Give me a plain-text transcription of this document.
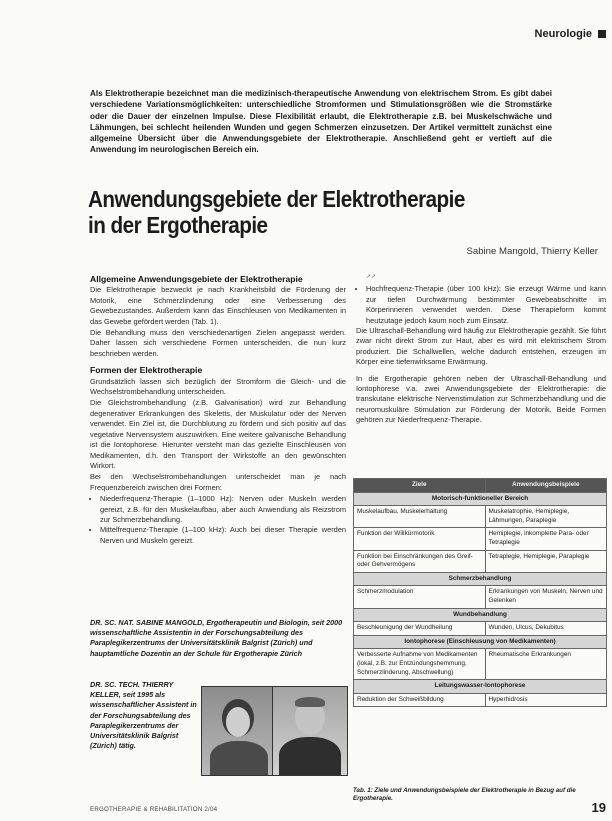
Neurologie
Als Elektrotherapie bezeichnet man die medizinisch-therapeutische Anwendung von elektrischem Strom. Es gibt dabei verschiedene Variationsmöglichkeiten: unterschiedliche Stromformen und Stimulationsgrößen wie die Stromstärke oder die Dauer der einzelnen Impulse. Diese Flexibilität erlaubt, die Elektrotherapie z.B. bei Muskelschwäche und Lähmungen, bei schlecht heilenden Wunden und gegen Schmerzen einzusetzen. Der Artikel vermittelt zunächst eine allgemeine Übersicht über die Anwendungsgebiete der Elektrotherapie. Anschließend geht er vertieft auf die Anwendung im neurologischen Bereich ein.
Anwendungsgebiete der Elektrotherapie
in der Ergotherapie
Sabine Mangold, Thierry Keller
Allgemeine Anwendungsgebiete der Elektrotherapie

Die Elektrotherapie bezweckt je nach Krankheitsbild die Förderung der Motorik, eine Schmerzlinderung oder eine Verbesserung des Gewebezustandes. Außerdem kann das Einschleusen von Medikamenten in das Gewebe gefördert werden (Tab. 1).

Die Behandlung muss den verschiedenartigen Zielen angepasst werden. Daher lassen sich verschiedene Formen unterscheiden, die nun kurz beschrieben werden.

Formen der Elektrotherapie

Grundsätzlich lassen sich bezüglich der Stromform die Gleich- und die Wechselstrombehandlung unterscheiden.

Die Gleichstrombehandlung (z.B. Galvanisation) wird zur Behandlung degenerativer Erkrankungen des Skeletts, der Muskulatur oder der Nerven verwendet. Ein Ziel ist, die Durchblutung zu fördern und sich positiv auf das vegetative Nervensystem auszuwirken. Eine weitere galvanische Behandlung ist die Iontophorese. Hierunter versteht man das gezielte Einschleusen von Medikamenten, d.h. den Transport der Wirkstoffe an den gewünschten Wirkort.

Bei den Wechselstrombehandlungen unterscheidet man je nach Frequenzbereich zwischen drei Formen:

• Niederfrequenz-Therapie (1–1000 Hz): Nerven oder Muskeln werden gereizt, z.B. für den Muskelaufbau, aber auch Anwendung als Reizstrom zur Schmerzbehandlung.
• Mittelfrequenz-Therapie (1–100 kHz): Auch bei dieser Therapie werden Nerven und Muskeln gereizt.
➚➚
• Hochfrequenz-Therapie (über 100 kHz): Sie erzeugt Wärme und kann zur tiefen Durchwärmung bestimmter Gewebeabschnitte im Körperinneren verwendet werden. Diese Therapieform kommt heutzutage jedoch kaum noch zum Einsatz.

Die Ultraschall-Behandlung wird häufig zur Elektrotherapie gezählt. Sie führt zwar nicht direkt Strom zur Haut, aber es wird mit elektrischem Strom produziert. Die Schallwellen, welche dadurch entstehen, erzeugen im Körper eine tiefenwirksame Erwärmung.

In die Ergotherapie gehören neben der Ultraschall-Behandlung und Iontophorese v.a. zwei Anwendungsgebiete der Elektrotherapie: die transkutane elektrische Nervenstimulation zur Schmerzbehandlung und die neuromuskuläre Stimulation zur Förderung der Motorik. Beide Formen gehören zur Niederfrequenz-Therapie.

Ziele	Anwendungsbeispiele
Motorisch-funktioneller Bereich	
Muskelaufbau, Muskelerhaltung	Muskelatrophie, Hemiplegie, Lähmungen, Paraplegie
Funktion der Willkürmotorik	Hemiplegie, inkomplette Para- oder Tetraplegie
Funktion bei Einschränkungen des Greif- oder Gehvermögens	Tetraplegie, Hemiplegie, Paraplegie
Schmerzbehandlung	
Schmerzmodulation	Erkrankungen von Muskeln, Nerven und Gelenken
Wundbehandlung	
Beschleunigung der Wundheilung	Wunden, Ulcus, Dekubitus
Iontophorese (Einschleusung von Medikamenten)	
Verbesserte Aufnahme von Medikamenten (lokal, z.B. zur Entzündungshemmung, Schmerzlinderung, Abschwellung)	Rheumatische Erkrankungen
Leitungswasser-Iontophorese	
Reduktion der Schweißbildung	Hyperhidrosis
Tab. 1: Ziele und Anwendungsbeispiele der Elektrotherapie in Bezug auf die Ergotherapie.
DR. SC. NAT. SABINE MANGOLD, Ergotherapeutin und Biologin, seit 2000 wissenschaftliche Assistentin in der Forschungsabteilung des Paraplegikerzentrums der Universitätsklinik Balgrist (Zürich) und hauptamtliche Dozentin an der Schule für Ergotherapie Zürich
DR. SC. TECH. THIERRY KELLER, seit 1995 als wissenschaftlicher Assistent in der Forschungsabteilung des Paraplegikerzentrums der Universitätsklinik Balgrist (Zürich) tätig.
ERGOTHERAPIE & REHABILITATION 2/04	19
